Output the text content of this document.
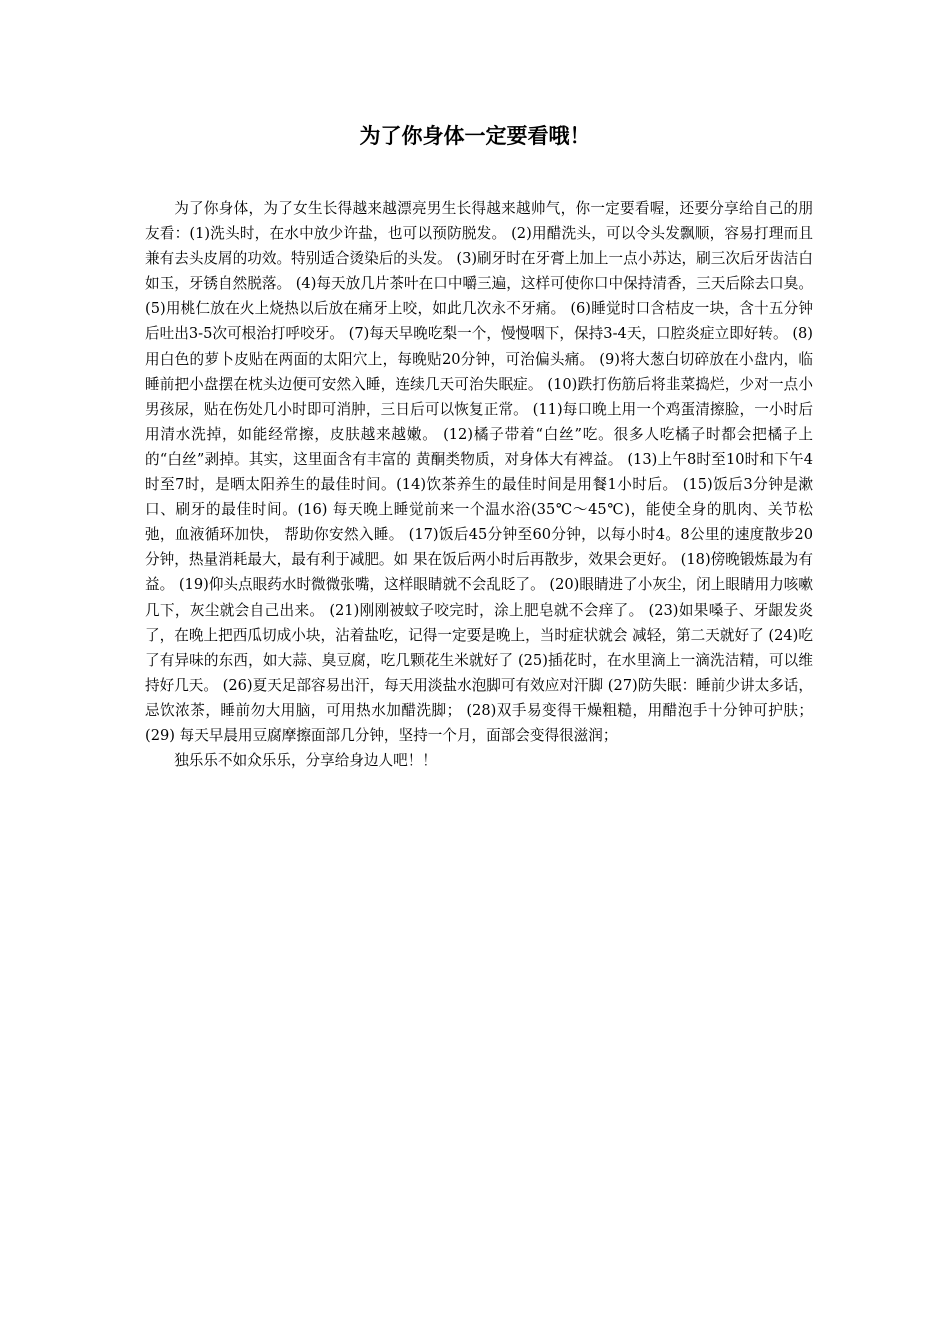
为了你身体一定要看哦！

为了你身体，为了女生长得越来越漂亮男生长得越来越帅气，你一定要看喔，还要分享给自己的朋友看：(1)洗头时，在水中放少许盐，也可以预防脱发。 (2)用醋洗头，可以令头发飘顺，容易打理而且兼有去头皮屑的功效。特别适合烫染后的头发。 (3)刷牙时在牙膏上加上一点小苏达，刷三次后牙齿洁白如玉，牙锈自然脱落。 (4)每天放几片茶叶在口中嚼三遍，这样可使你口中保持清香，三天后除去口臭。 (5)用桃仁放在火上烧热以后放在痛牙上咬，如此几次永不牙痛。 (6)睡觉时口含桔皮一块，含十五分钟后吐出3-5次可根治打呼咬牙。 (7)每天早晚吃梨一个，慢慢咽下，保持3-4天，口腔炎症立即好转。 (8)用白色的萝卜皮贴在两面的太阳穴上，每晚贴20分钟，可治偏头痛。 (9)将大葱白切碎放在小盘内，临睡前把小盘摆在枕头边便可安然入睡，连续几天可治失眠症。 (10)跌打伤筋后将韭菜捣烂，少对一点小男孩尿，贴在伤处几小时即可消肿，三日后可以恢复正常。 (11)每口晚上用一个鸡蛋清擦脸，一小时后用清水洗掉，如能经常擦，皮肤越来越嫩。 (12)橘子带着“白丝”吃。很多人吃橘子时都会把橘子上的“白丝”剥掉。其实，这里面含有丰富的 黄酮类物质，对身体大有裨益。 (13)上午8时至10时和下午4时至7时，是晒太阳养生的最佳时间。(14)饮茶养生的最佳时间是用餐1小时后。 (15)饭后3分钟是漱口、刷牙的最佳时间。(16) 每天晚上睡觉前来一个温水浴(35℃～45℃)，能使全身的肌肉、关节松弛，血液循环加快， 帮助你安然入睡。 (17)饭后45分钟至60分钟，以每小时4。8公里的速度散步20分钟，热量消耗最大，最有利于减肥。如 果在饭后两小时后再散步，效果会更好。 (18)傍晚锻炼最为有益。 (19)仰头点眼药水时微微张嘴，这样眼睛就不会乱眨了。 (20)眼睛进了小灰尘，闭上眼睛用力咳嗽几下，灰尘就会自己出来。 (21)刚刚被蚊子咬完时，涂上肥皂就不会痒了。 (23)如果嗓子、牙龈发炎了，在晚上把西瓜切成小块，沾着盐吃，记得一定要是晚上，当时症状就会 减轻，第二天就好了 (24)吃了有异味的东西，如大蒜、臭豆腐，吃几颗花生米就好了 (25)插花时，在水里滴上一滴洗洁精，可以维持好几天。 (26)夏天足部容易出汗，每天用淡盐水泡脚可有效应对汗脚 (27)防失眠：睡前少讲太多话，忌饮浓茶，睡前勿大用脑，可用热水加醋洗脚； (28)双手易变得干燥粗糙，用醋泡手十分钟可护肤；(29) 每天早晨用豆腐摩擦面部几分钟，坚持一个月，面部会变得很滋润；

独乐乐不如众乐乐，分享给身边人吧！！
